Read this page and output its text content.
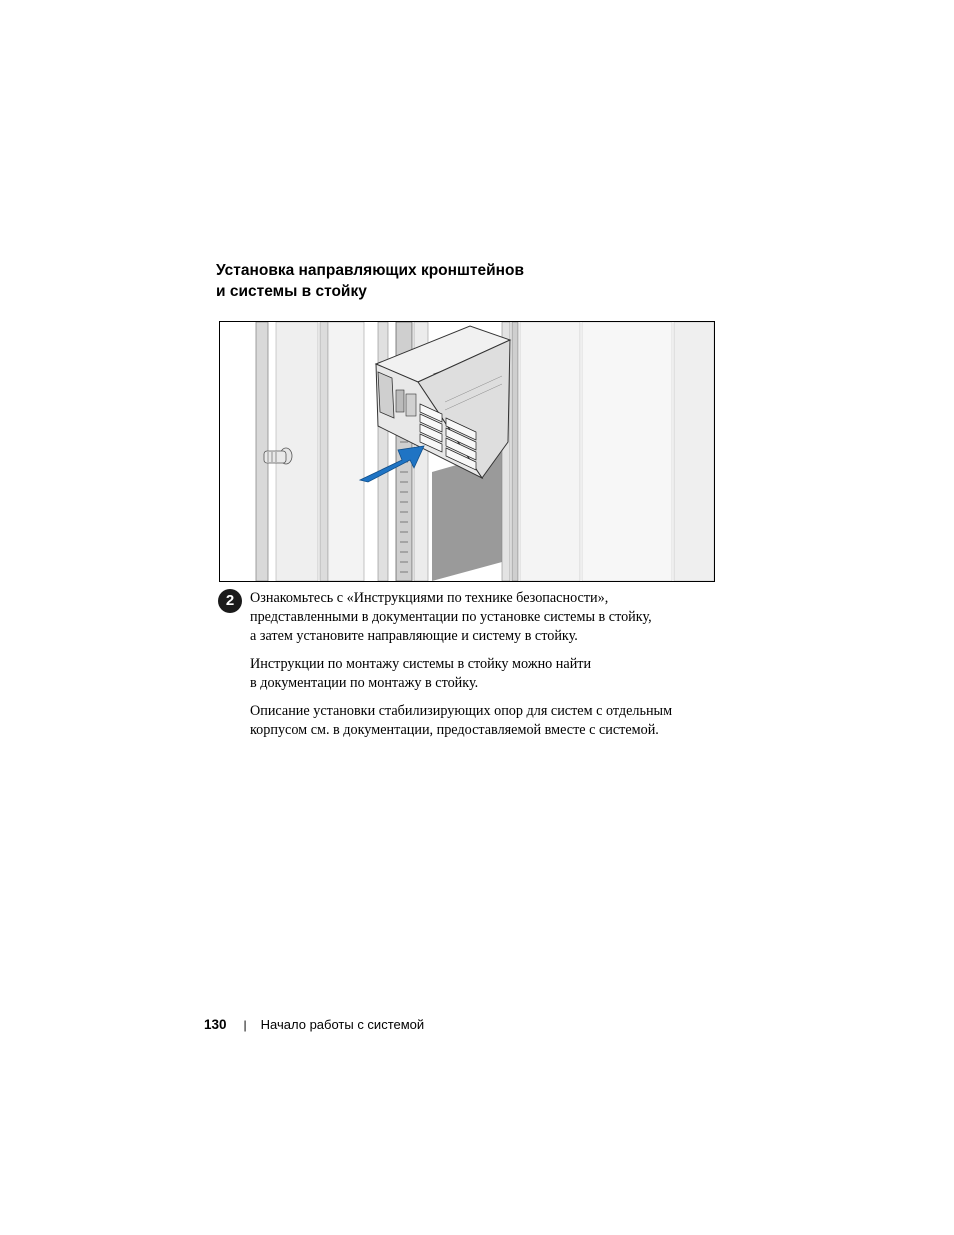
Установка направляющих кронштейнов
и системы в стойку
2	Ознакомьтесь с «Инструкциями по технике безопасности»,
представленными в документации по установке системы в стойку,
а затем установите направляющие и систему в стойку.

Инструкции по монтажу системы в стойку можно найти
в документации по монтажу в стойку.

Описание установки стабилизирующих опор для систем с отдельным
корпусом см. в документации, предоставляемой вместе с системой.

130 | Начало работы с системой
